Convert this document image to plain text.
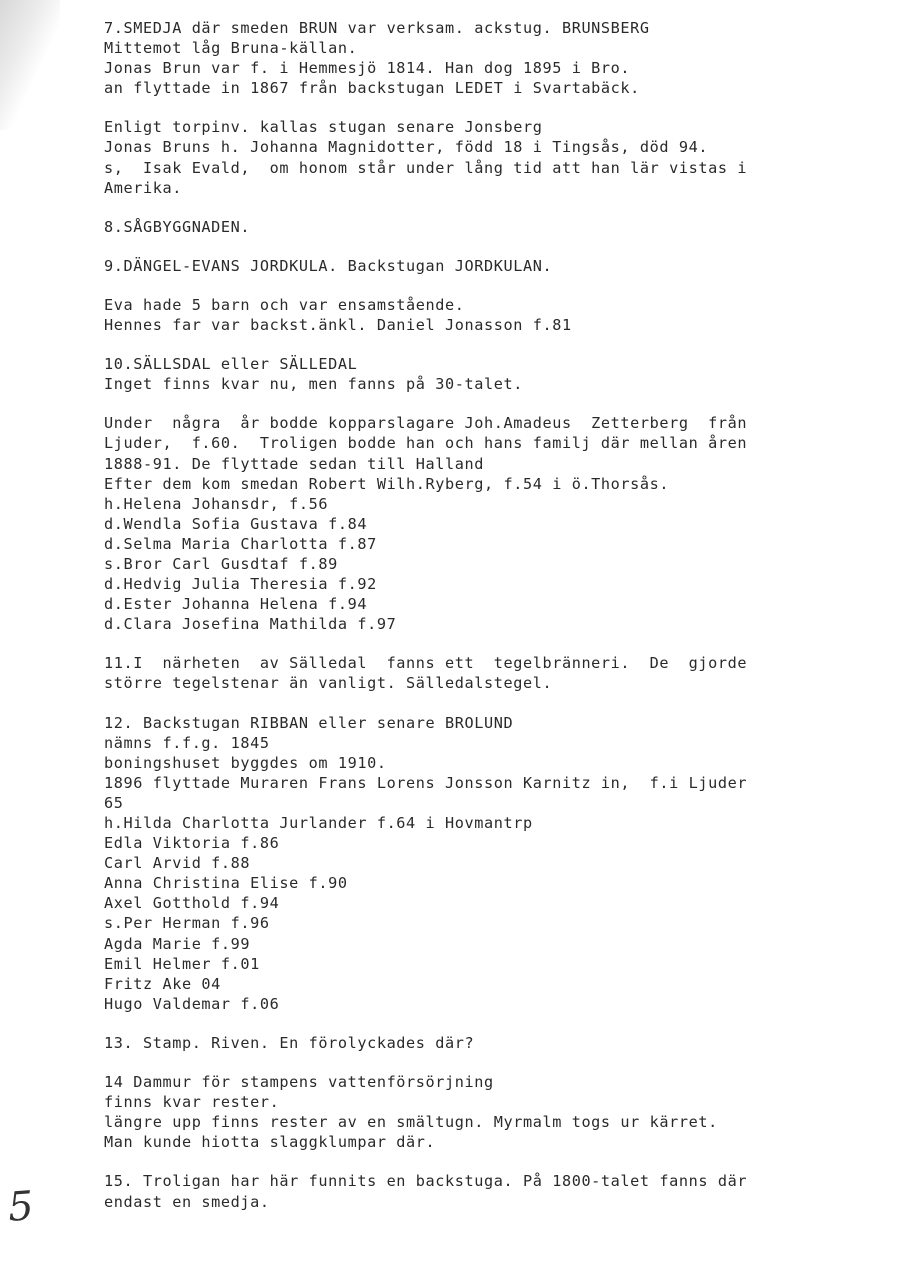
7.SMEDJA där smeden BRUN var verksam. ackstug. BRUNSBERG
Mittemot låg Bruna-källan.
Jonas Brun var f. i Hemmesjö 1814. Han dog 1895 i Bro.
an flyttade in 1867 från backstugan LEDET i Svartabäck.
Enligt torpinv. kallas stugan senare Jonsberg
Jonas Bruns h. Johanna Magnidotter, född 18 i Tingsås, död 94.
s,  Isak Evald,  om honom står under lång tid att han lär vistas i
Amerika.
8.SÅGBYGGNADEN.
9.DÄNGEL-EVANS JORDKULA. Backstugan JORDKULAN.
Eva hade 5 barn och var ensamstående.
Hennes far var backst.änkl. Daniel Jonasson f.81
10.SÄLLSDAL eller SÄLLEDAL
Inget finns kvar nu, men fanns på 30-talet.
Under  några  år bodde kopparslagare Joh.Amadeus  Zetterberg  från
Ljuder,  f.60.  Troligen bodde han och hans familj där mellan åren
1888-91. De flyttade sedan till Halland
Efter dem kom smedan Robert Wilh.Ryberg, f.54 i ö.Thorsås.
h.Helena Johansdr, f.56
d.Wendla Sofia Gustava f.84
d.Selma Maria Charlotta f.87
s.Bror Carl Gusdtaf f.89
d.Hedvig Julia Theresia f.92
d.Ester Johanna Helena f.94
d.Clara Josefina Mathilda f.97
11.I  närheten  av Sälledal  fanns ett  tegelbränneri.  De  gjorde
större tegelstenar än vanligt. Sälledalstegel.
12. Backstugan RIBBAN eller senare BROLUND
nämns f.f.g. 1845
boningshuset byggdes om 1910.
1896 flyttade Muraren Frans Lorens Jonsson Karnitz in,  f.i Ljuder
65
h.Hilda Charlotta Jurlander f.64 i Hovmantrp
Edla Viktoria f.86
Carl Arvid f.88
Anna Christina Elise f.90
Axel Gotthold f.94
s.Per Herman f.96
Agda Marie f.99
Emil Helmer f.01
Fritz Ake 04
Hugo Valdemar f.06
13. Stamp. Riven. En förolyckades där?
14 Dammur för stampens vattenförsörjning
finns kvar rester.
längre upp finns rester av en smältugn. Myrmalm togs ur kärret.
Man kunde hiotta slaggklumpar där.
15. Troligan har här funnits en backstuga. På 1800-talet fanns där
endast en smedja.
5
